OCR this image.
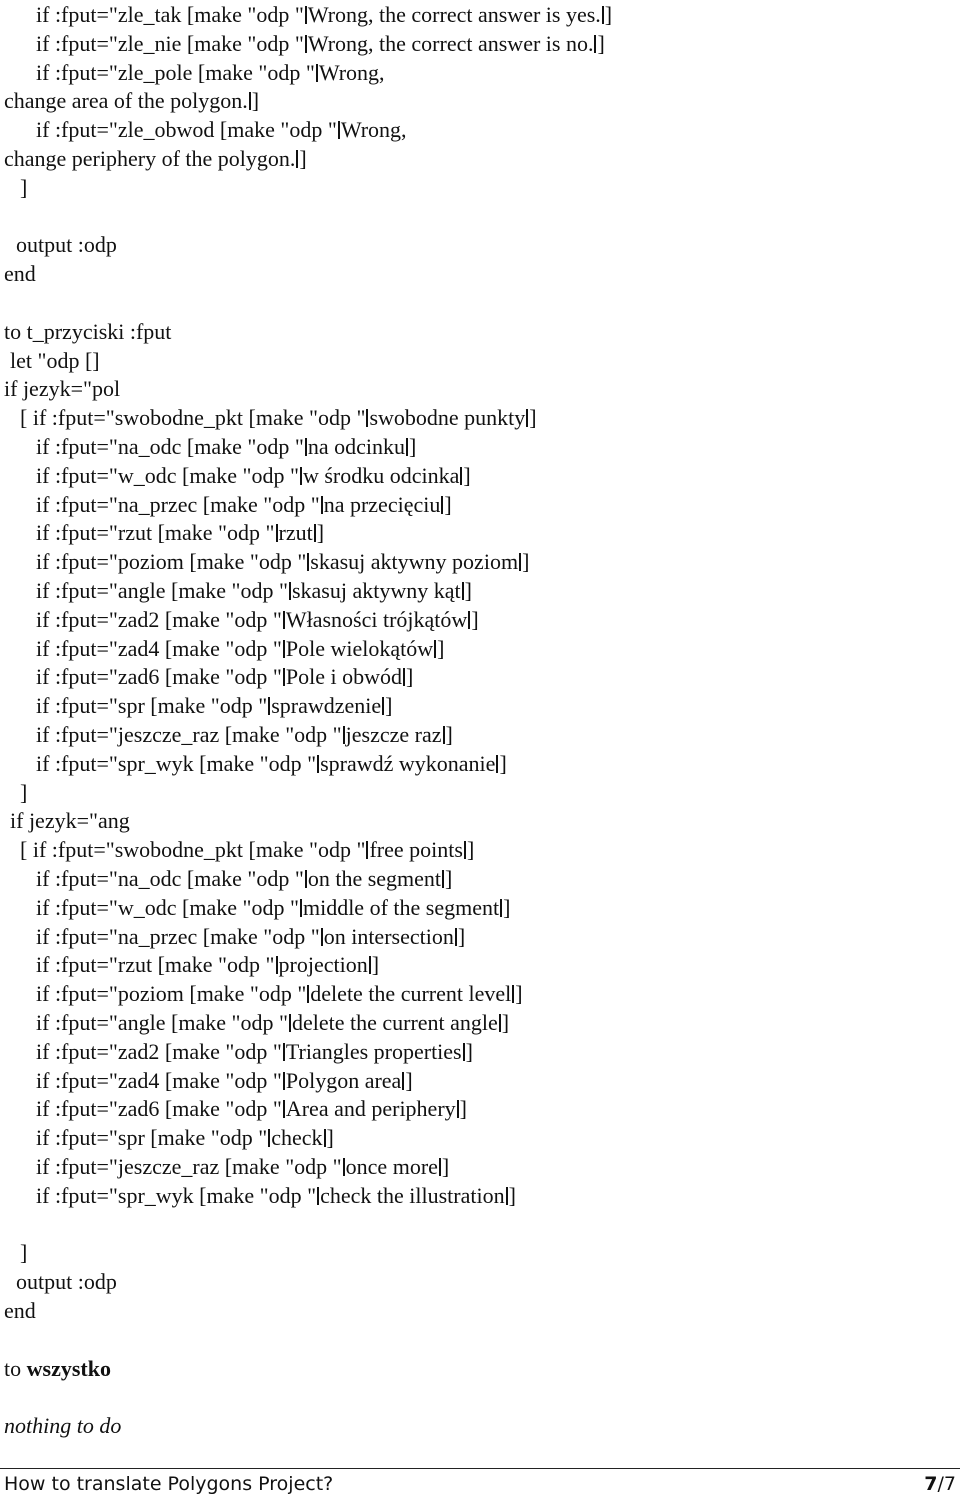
if :fput="zle_tak [make "odp " Wrong, the correct answer is yes. ]
if :fput="zle_nie [make "odp " Wrong, the correct answer is no. ]
if :fput="zle_pole [make "odp " Wrong,
change area of the polygon. ]
if :fput="zle_obwod [make "odp " Wrong,
change periphery of the polygon. ]
]
output :odp
end
to t_przyciski :fput
let "odp []
if jezyk="pol
[ if :fput="swobodne_pkt [make "odp " swobodne punkty ]
if :fput="na_odc [make "odp " na odcinku ]
if :fput="w_odc [make "odp " w środku odcinka ]
if :fput="na_przec [make "odp " na przecięciu ]
if :fput="rzut [make "odp " rzut ]
if :fput="poziom [make "odp " skasuj aktywny poziom ]
if :fput="angle [make "odp " skasuj aktywny kąt ]
if :fput="zad2 [make "odp " Własności trójkątów ]
if :fput="zad4 [make "odp " Pole wielokątów ]
if :fput="zad6 [make "odp " Pole i obwód ]
if :fput="spr [make "odp " sprawdzenie ]
if :fput="jeszcze_raz [make "odp " jeszcze raz ]
if :fput="spr_wyk [make "odp " sprawdź wykonanie ]
]
if jezyk="ang
[ if :fput="swobodne_pkt [make "odp " free points ]
if :fput="na_odc [make "odp " on the segment ]
if :fput="w_odc [make "odp " middle of the segment ]
if :fput="na_przec [make "odp " on intersection ]
if :fput="rzut [make "odp " projection ]
if :fput="poziom [make "odp " delete the current level ]
if :fput="angle [make "odp " delete the current angle ]
if :fput="zad2 [make "odp " Triangles properties ]
if :fput="zad4 [make "odp " Polygon area ]
if :fput="zad6 [make "odp " Area and periphery ]
if :fput="spr [make "odp " check ]
if :fput="jeszcze_raz [make "odp " once more ]
if :fput="spr_wyk [make "odp " check the illustration ]
]
output :odp
end
to wszystko
nothing to do
How to translate Polygons Project?	7/7
